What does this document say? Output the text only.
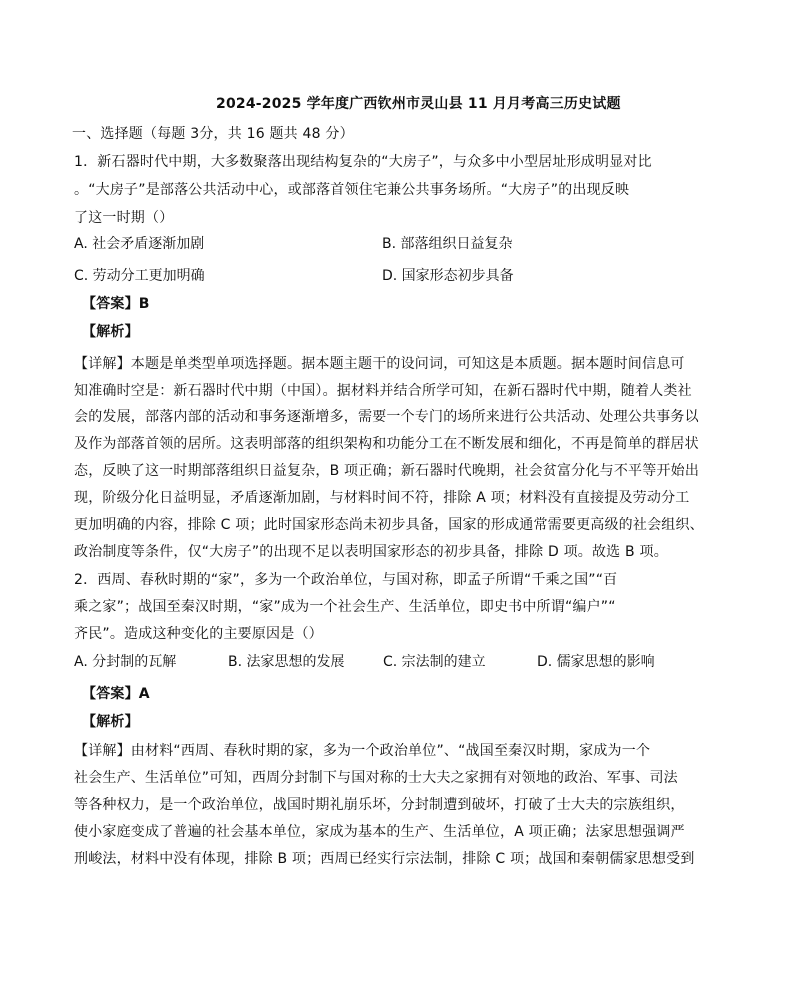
2024-2025 学年度广西钦州市灵山县 11 月月考高三历史试题
一、选择题（每题 3分，共 16 题共 48 分）
1．新石器时代中期，大多数聚落出现结构复杂的“大房子”，与众多中小型居址形成明显对比
。“大房子”是部落公共活动中心，或部落首领住宅兼公共事务场所。“大房子”的出现反映
了这一时期（）
A. 社会矛盾逐渐加剧	B. 部落组织日益复杂
C. 劳动分工更加明确	D. 国家形态初步具备
【答案】B
【解析】
【详解】本题是单类型单项选择题。据本题主题干的设问词，可知这是本质题。据本题时间信息可
知准确时空是：新石器时代中期（中国）。据材料并结合所学可知，在新石器时代中期，随着人类社
会的发展，部落内部的活动和事务逐渐增多，需要一个专门的场所来进行公共活动、处理公共事务以
及作为部落首领的居所。这表明部落的组织架构和功能分工在不断发展和细化，不再是简单的群居状
态，反映了这一时期部落组织日益复杂，B 项正确；新石器时代晚期，社会贫富分化与不平等开始出
现，阶级分化日益明显，矛盾逐渐加剧，与材料时间不符，排除 A 项；材料没有直接提及劳动分工
更加明确的内容，排除 C 项；此时国家形态尚未初步具备，国家的形成通常需要更高级的社会组织、
政治制度等条件，仅“大房子”的出现不足以表明国家形态的初步具备，排除 D 项。故选 B 项。
2．西周、春秋时期的“家”，多为一个政治单位，与国对称，即孟子所谓“千乘之国”“百
乘之家”；战国至秦汉时期，“家”成为一个社会生产、生活单位，即史书中所谓“编户”“
齐民”。造成这种变化的主要原因是（）
A. 分封制的瓦解	B. 法家思想的发展	C. 宗法制的建立	D. 儒家思想的影响
【答案】A
【解析】
【详解】由材料“西周、春秋时期的家，多为一个政治单位”、“战国至秦汉时期，家成为一个
社会生产、生活单位”可知，西周分封制下与国对称的士大夫之家拥有对领地的政治、军事、司法
等各种权力，是一个政治单位，战国时期礼崩乐坏，分封制遭到破坏，打破了士大夫的宗族组织，
使小家庭变成了普遍的社会基本单位，家成为基本的生产、生活单位，A 项正确；法家思想强调严
刑峻法，材料中没有体现，排除 B 项；西周已经实行宗法制，排除 C 项；战国和秦朝儒家思想受到
